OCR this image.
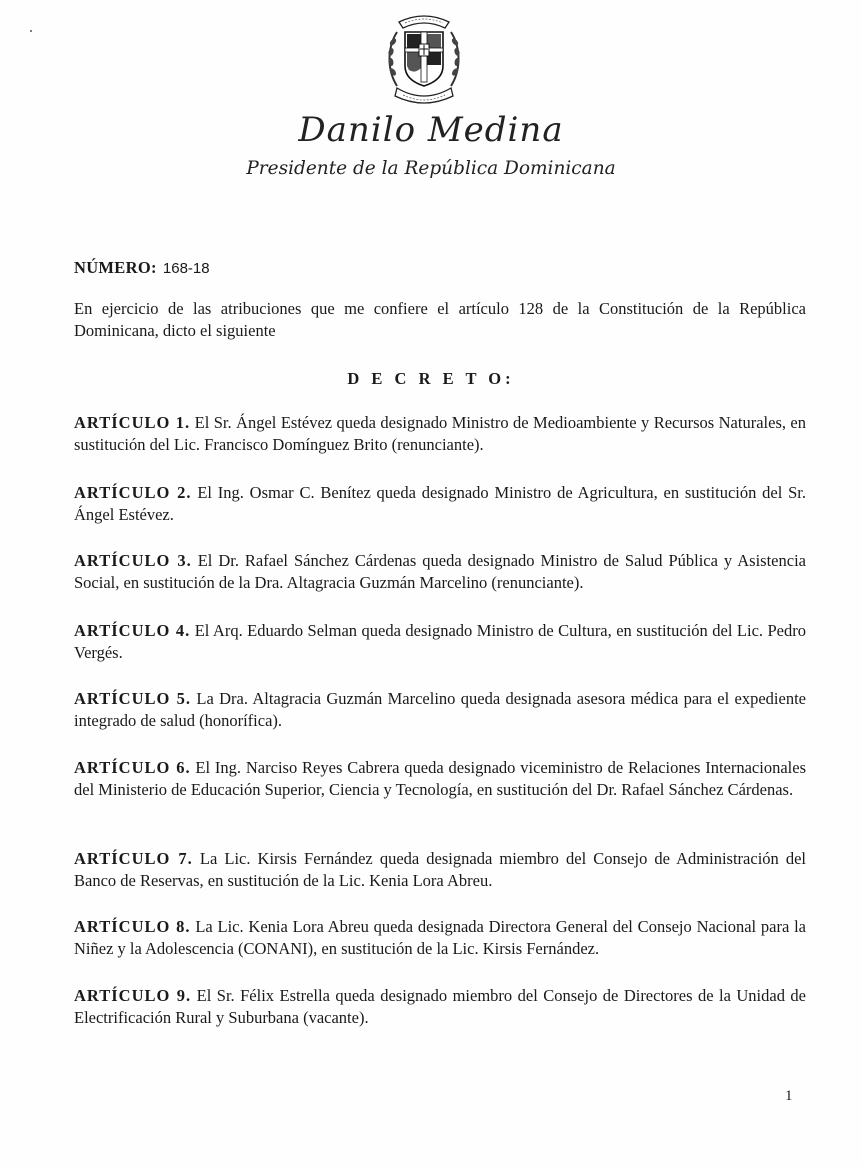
Danilo Medina
Presidente de la República Dominicana
NÚMERO: 168-18
En ejercicio de las atribuciones que me confiere el artículo 128 de la Constitución de la República Dominicana, dicto el siguiente
D E C R E T O:
ARTÍCULO 1. El Sr. Ángel Estévez queda designado Ministro de Medioambiente y Recursos Naturales, en sustitución del Lic. Francisco Domínguez Brito (renunciante).
ARTÍCULO 2. El Ing. Osmar C. Benítez queda designado Ministro de Agricultura, en sustitución del Sr. Ángel Estévez.
ARTÍCULO 3. El Dr. Rafael Sánchez Cárdenas queda designado Ministro de Salud Pública y Asistencia Social, en sustitución de la Dra. Altagracia Guzmán Marcelino (renunciante).
ARTÍCULO 4. El Arq. Eduardo Selman queda designado Ministro de Cultura, en sustitución del Lic. Pedro Vergés.
ARTÍCULO 5. La Dra. Altagracia Guzmán Marcelino queda designada asesora médica para el expediente integrado de salud (honorífica).
ARTÍCULO 6. El Ing. Narciso Reyes Cabrera queda designado viceministro de Relaciones Internacionales del Ministerio de Educación Superior, Ciencia y Tecnología, en sustitución del Dr. Rafael Sánchez Cárdenas.
ARTÍCULO 7. La Lic. Kirsis Fernández queda designada miembro del Consejo de Administración del Banco de Reservas, en sustitución de la Lic. Kenia Lora Abreu.
ARTÍCULO 8. La Lic. Kenia Lora Abreu queda designada Directora General del Consejo Nacional para la Niñez y la Adolescencia (CONANI), en sustitución de la Lic. Kirsis Fernández.
ARTÍCULO 9. El Sr. Félix Estrella queda designado miembro del Consejo de Directores de la Unidad de Electrificación Rural y Suburbana (vacante).
1
